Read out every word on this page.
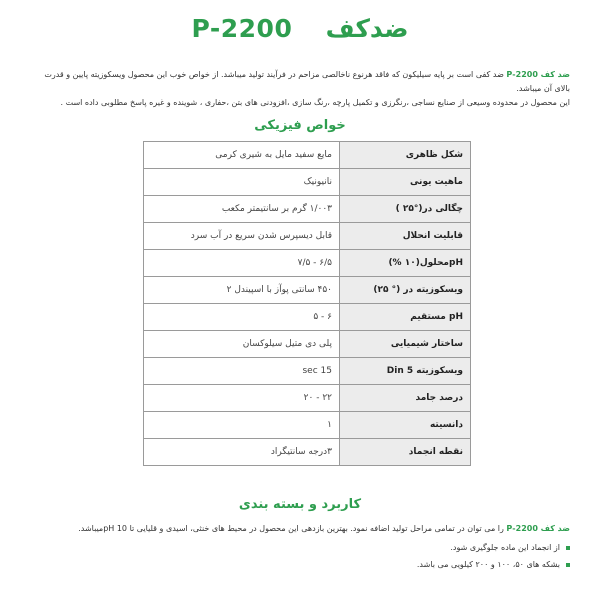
P-2200 ضدکف
ضد کف 2200-P ضد کفی است بر پایه سیلیکون که فاقد هرنوع ناخالصی مزاحم در فرآیند تولید میباشد. از خواص خوب این محصول ویسکوزیته پایین و قدرت بالای آن میباشد.
این محصول در محدوده وسیعی از صنایع نساجی ،رنگرزی و تکمیل پارچه ،رنگ سازی ،افزودنی های بتن ،حفاری ، شوینده و غیره پاسخ مطلوبی داده است .
خواص فیزیکی
شکل ظاهری	مایع سفید مایل به شیری کرمی
ماهیت یونی	نانیونیک
چگالی در(°۲۵ )	۱/۰۰۳ گرم بر سانتیمتر مکعب
قابلیت انحلال	قابل دیسپرس شدن سریع در آب سرد
pHمحلول(۱۰ %)	۶/۵ - ۷/۵
ویسکوزیته در (° ۲۵)	۴۵۰ سانتی پوآز با اسپیندل ۲
pH مستقیم	۶ - ۵
ساختار شیمیایی	پلی دی متیل سیلوکسان
ویسکوزیته Din 5	15 sec
درصد جامد	۲۲ - ۲۰
دانسیته	۱
نقطه انجماد	۳درجه سانتیگراد
کاربرد و بسته بندی
ضد کف 2200-P را می توان در تمامی مراحل تولید اضافه نمود. بهترین بازدهی این محصول در محیط های خنثی، اسیدی و قلیایی تا pH 10میباشد.
از انجماد این ماده جلوگیری شود.
بشکه های ۵۰، ۱۰۰ و ۲۰۰ کیلویی می باشد.
